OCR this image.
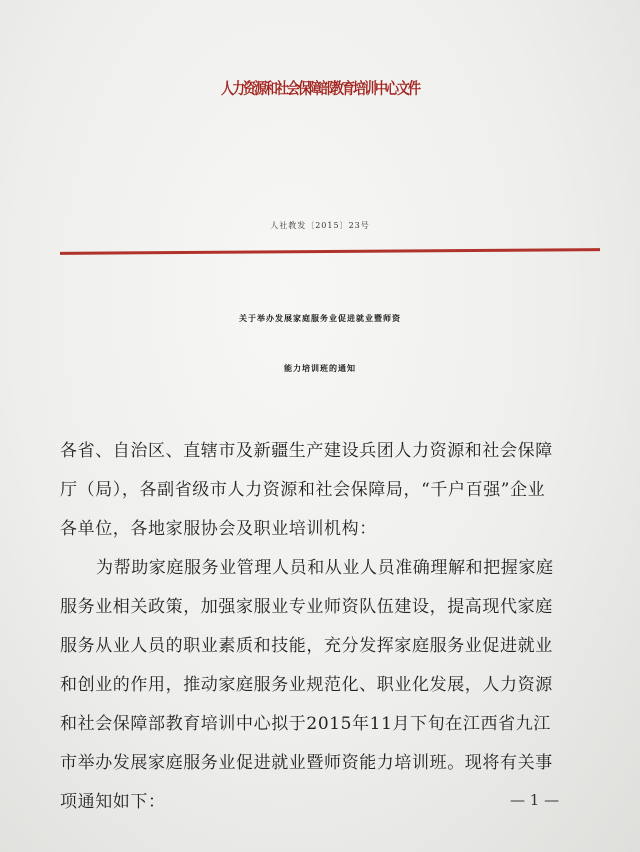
人力资源和社会保障部教育培训中心文件
人社教发〔2015〕23号
关于举办发展家庭服务业促进就业暨师资
能力培训班的通知
各省、自治区、直辖市及新疆生产建设兵团人力资源和社会保障
厅（局），各副省级市人力资源和社会保障局，“千户百强”企业
各单位，各地家服协会及职业培训机构：
为帮助家庭服务业管理人员和从业人员准确理解和把握家庭
服务业相关政策，加强家服业专业师资队伍建设，提高现代家庭
服务从业人员的职业素质和技能，充分发挥家庭服务业促进就业
和创业的作用，推动家庭服务业规范化、职业化发展，人力资源
和社会保障部教育培训中心拟于2015年11月下旬在江西省九江
市举办发展家庭服务业促进就业暨师资能力培训班。现将有关事
项通知如下：	— 1 —
